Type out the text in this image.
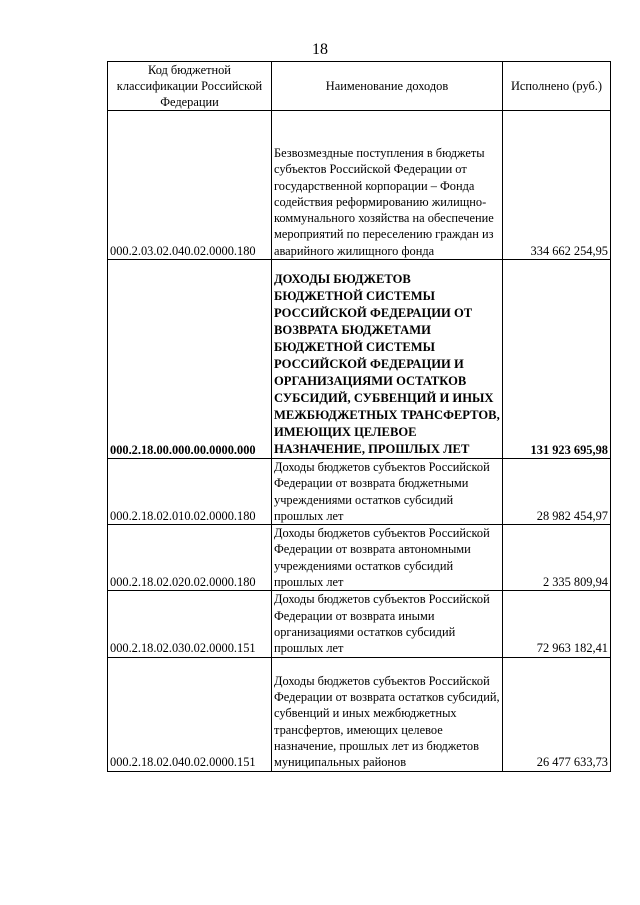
18
Код бюджетной классификации Российской Федерации	Наименование доходов	Исполнено (руб.)
000.2.03.02.040.02.0000.180	Безвозмездные поступления в бюджеты субъектов Российской Федерации от государственной корпорации – Фонда содействия реформированию жилищно-коммунального хозяйства на обеспечение мероприятий по переселению граждан из аварийного жилищного фонда	334 662 254,95
000.2.18.00.000.00.0000.000	ДОХОДЫ БЮДЖЕТОВ БЮДЖЕТНОЙ СИСТЕМЫ РОССИЙСКОЙ ФЕДЕРАЦИИ ОТ ВОЗВРАТА БЮДЖЕТАМИ БЮДЖЕТНОЙ СИСТЕМЫ РОССИЙСКОЙ ФЕДЕРАЦИИ И ОРГАНИЗАЦИЯМИ ОСТАТКОВ СУБСИДИЙ, СУБВЕНЦИЙ И ИНЫХ МЕЖБЮДЖЕТНЫХ ТРАНСФЕРТОВ, ИМЕЮЩИХ ЦЕЛЕВОЕ НАЗНАЧЕНИЕ, ПРОШЛЫХ ЛЕТ	131 923 695,98
000.2.18.02.010.02.0000.180	Доходы бюджетов субъектов Российской Федерации от возврата бюджетными учреждениями остатков субсидий прошлых лет	28 982 454,97
000.2.18.02.020.02.0000.180	Доходы бюджетов субъектов Российской Федерации от возврата автономными учреждениями остатков субсидий прошлых лет	2 335 809,94
000.2.18.02.030.02.0000.151	Доходы бюджетов субъектов Российской Федерации от возврата иными организациями остатков субсидий прошлых лет	72 963 182,41
000.2.18.02.040.02.0000.151	Доходы бюджетов субъектов Российской Федерации от возврата остатков субсидий, субвенций и иных межбюджетных трансфертов, имеющих целевое назначение, прошлых лет из бюджетов муниципальных районов	26 477 633,73
